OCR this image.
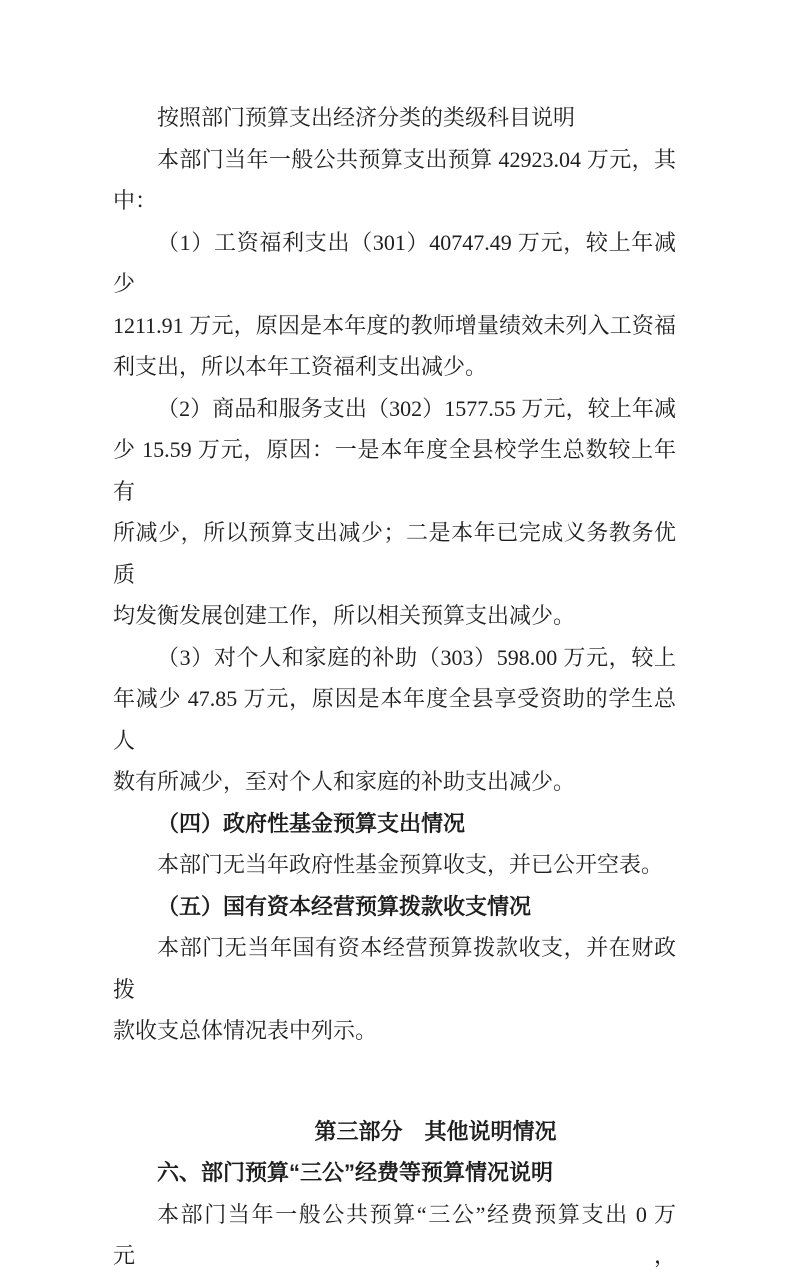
按照部门预算支出经济分类的类级科目说明
本部门当年一般公共预算支出预算 42923.04 万元，其
中：
（1）工资福利支出（301）40747.49 万元，较上年减少
1211.91 万元，原因是本年度的教师增量绩效未列入工资福
利支出，所以本年工资福利支出减少。
（2）商品和服务支出（302）1577.55 万元，较上年减
少 15.59 万元，原因：一是本年度全县校学生总数较上年有
所减少，所以预算支出减少；二是本年已完成义务教务优质
均发衡发展创建工作，所以相关预算支出减少。
（3）对个人和家庭的补助（303）598.00 万元，较上
年减少 47.85 万元，原因是本年度全县享受资助的学生总人
数有所减少，至对个人和家庭的补助支出减少。
（四）政府性基金预算支出情况
本部门无当年政府性基金预算收支，并已公开空表。
（五）国有资本经营预算拨款收支情况
本部门无当年国有资本经营预算拨款收支，并在财政拨
款收支总体情况表中列示。
第三部分　其他说明情况
六、部门预算“三公”经费等预算情况说明
本部门当年一般公共预算“三公”经费预算支出 0 万元，
